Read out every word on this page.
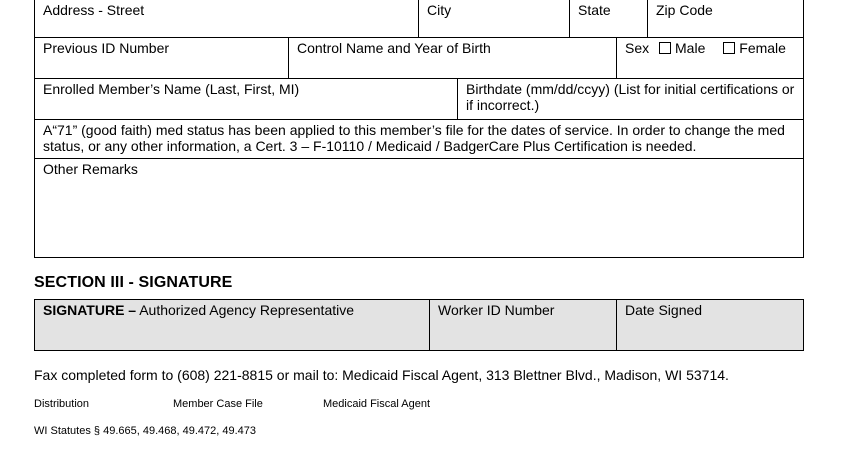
Address - Street	City	State	Zip Code
Previous ID Number	Control Name and Year of Birth	Sex Male Female
Enrolled Member’s Name (Last, First, MI)	Birthdate (mm/dd/ccyy) (List for initial certifications or if incorrect.)
A“71” (good faith) med status has been applied to this member’s file for the dates of service. In order to change the med status, or any other information, a Cert. 3 – F-10110 / Medicaid / BadgerCare Plus Certification is needed.
Other Remarks
SECTION III - SIGNATURE
SIGNATURE – Authorized Agency Representative	Worker ID Number	Date Signed
Fax completed form to (608) 221-8815 or mail to: Medicaid Fiscal Agent, 313 Blettner Blvd., Madison, WI 53714.
Distribution	Member Case File	Medicaid Fiscal Agent
WI Statutes § 49.665, 49.468, 49.472, 49.473
